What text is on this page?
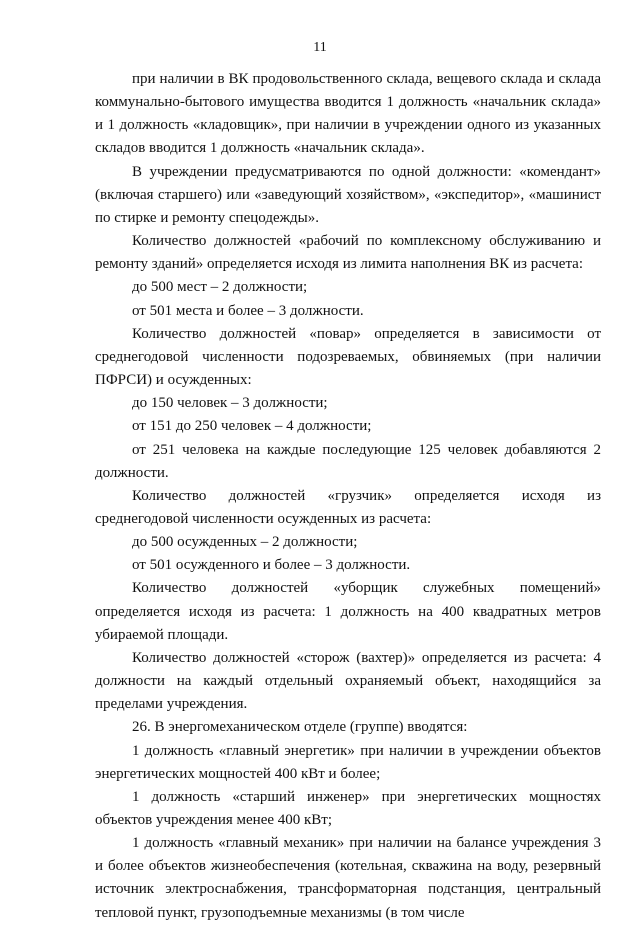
11

при наличии в ВК продовольственного склада, вещевого склада и склада коммунально-бытового имущества вводится 1 должность «начальник склада» и 1 должность «кладовщик», при наличии в учреждении одного из указанных складов вводится 1 должность «начальник склада».

В учреждении предусматриваются по одной должности: «комендант» (включая старшего) или «заведующий хозяйством», «экспедитор», «машинист по стирке и ремонту спецодежды».

Количество должностей «рабочий по комплексному обслуживанию и ремонту зданий» определяется исходя из лимита наполнения ВК из расчета:

до 500 мест – 2 должности;

от 501 места и более – 3 должности.

Количество должностей «повар» определяется в зависимости от среднегодовой численности подозреваемых, обвиняемых (при наличии ПФРСИ) и осужденных:

до 150 человек – 3 должности;

от 151 до 250 человек – 4 должности;

от 251 человека на каждые последующие 125 человек добавляются 2 должности.

Количество должностей «грузчик» определяется исходя из среднегодовой численности осужденных из расчета:

до 500 осужденных – 2 должности;

от 501 осужденного и более – 3 должности.

Количество должностей «уборщик служебных помещений» определяется исходя из расчета: 1 должность на 400 квадратных метров убираемой площади.

Количество должностей «сторож (вахтер)» определяется из расчета: 4 должности на каждый отдельный охраняемый объект, находящийся за пределами учреждения.

26. В энергомеханическом отделе (группе) вводятся:

1 должность «главный энергетик» при наличии в учреждении объектов энергетических мощностей 400 кВт и более;

1 должность «старший инженер» при энергетических мощностях объектов учреждения менее 400 кВт;

1 должность «главный механик» при наличии на балансе учреждения 3 и более объектов жизнеобеспечения (котельная, скважина на воду, резервный источник электроснабжения, трансформаторная подстанция, центральный тепловой пункт, грузоподъемные механизмы (в том числе
